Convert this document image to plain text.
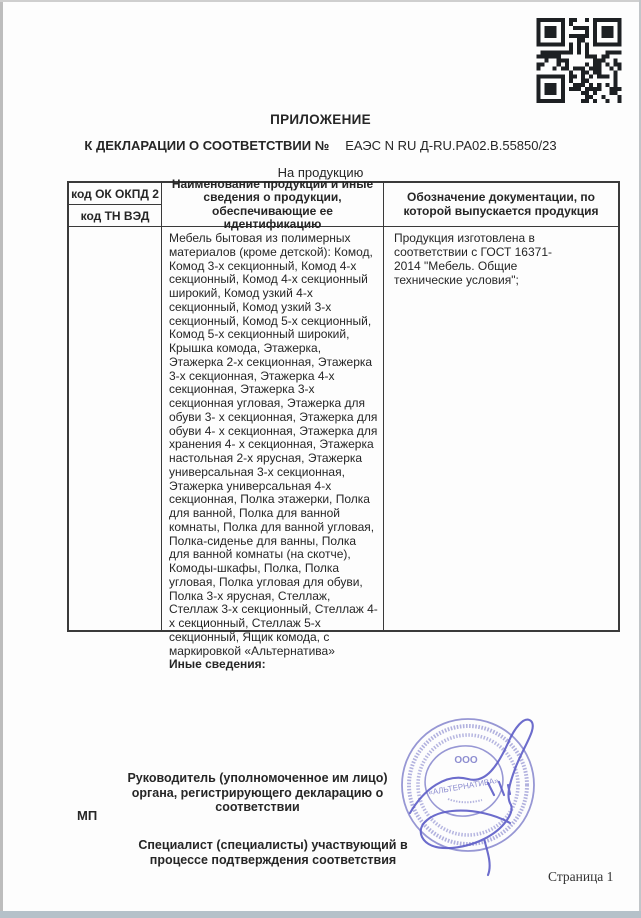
ПРИЛОЖЕНИЕ
К ДЕКЛАРАЦИИ О СООТВЕТСТВИИ № ЕАЭС N RU Д-RU.РА02.В.55850/23
На продукцию
код ОК ОКПД 2
код ТН ВЭД
Наименование продукции и иные сведения о продукции, обеспечивающие ее идентификацию
Обозначение документации, по которой выпускается продукция
Мебель бытовая из полимерных материалов (кроме детской): Комод, Комод 3-х секционный, Комод 4-х секционный, Комод 4-х секционный широкий, Комод узкий 4-х секционный, Комод узкий 3-х секционный, Комод 5-х секционный, Комод 5-х секционный широкий, Крышка комода, Этажерка, Этажерка 2-х секционная, Этажерка 3-х секционная, Этажерка 4-х секционная, Этажерка 3-х секционная угловая, Этажерка для обуви 3- х секционная, Этажерка для обуви 4- х секционная, Этажерка для хранения 4- х секционная, Этажерка настольная 2-х ярусная, Этажерка универсальная 3-х секционная, Этажерка универсальная 4-х секционная, Полка этажерки, Полка для ванной, Полка для ванной комнаты, Полка для ванной угловая, Полка-сиденье для ванны, Полка для ванной комнаты (на скотче), Комоды-шкафы, Полка, Полка угловая, Полка угловая для обуви, Полка 3-х ярусная, Стеллаж, Стеллаж 3-х секционный, Стеллаж 4-х секционный, Стеллаж 5-х секционный, Ящик комода, с маркировкой «Альтернатива»
Иные сведения:
Продукция изготовлена в соответствии с ГОСТ 16371-2014 "Мебель. Общие технические условия";
МП
Руководитель (уполномоченное им лицо) органа, регистрирующего декларацию о соответствии
Специалист (специалисты) участвующий в процессе подтверждения соответствия
ООО
«АЛЬТЕРНАТИВА»
Страница 1
